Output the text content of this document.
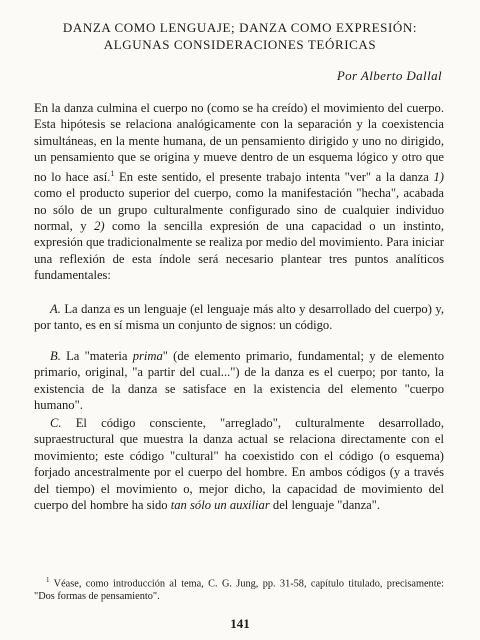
DANZA COMO LENGUAJE; DANZA COMO EXPRESIÓN:
ALGUNAS CONSIDERACIONES TEÓRICAS
Por Alberto Dallal

En la danza culmina el cuerpo no (como se ha creído) el movimiento del cuerpo. Esta hipótesis se relaciona analógicamente con la separación y la coexistencia simultáneas, en la mente humana, de un pensamiento dirigido y uno no dirigido, un pensamiento que se origina y mueve dentro de un esquema lógico y otro que no lo hace así.$^1$ En este sentido, el presente trabajo intenta "ver" a la danza 1) como el producto superior del cuerpo, como la manifestación "hecha", acabada no sólo de un grupo culturalmente configurado sino de cualquier individuo normal, y 2) como la sencilla expresión de una capacidad o un instinto, expresión que tradicionalmente se realiza por medio del movimiento. Para iniciar una reflexión de esta índole será necesario plantear tres puntos analíticos fundamentales:

A. La danza es un lenguaje (el lenguaje más alto y desarrollado del cuerpo) y, por tanto, es en sí misma un conjunto de signos: un código.

B. La "materia prima" (de elemento primario, fundamental; y de elemento primario, original, "a partir del cual...") de la danza es el cuerpo; por tanto, la existencia de la danza se satisface en la existencia del elemento "cuerpo humano".

C. El código consciente, "arreglado", culturalmente desarrollado, supraestructural que muestra la danza actual se relaciona directamente con el movimiento; este código "cultural" ha coexistido con el código (o esquema) forjado ancestralmente por el cuerpo del hombre. En ambos códigos (y a través del tiempo) el movimiento o, mejor dicho, la capacidad de movimiento del cuerpo del hombre ha sido tan sólo un auxiliar del lenguaje "danza".

$^1$ Véase, como introducción al tema, C. G. Jung, pp. 31-58, capítulo titulado, precisamente: "Dos formas de pensamiento".

141
